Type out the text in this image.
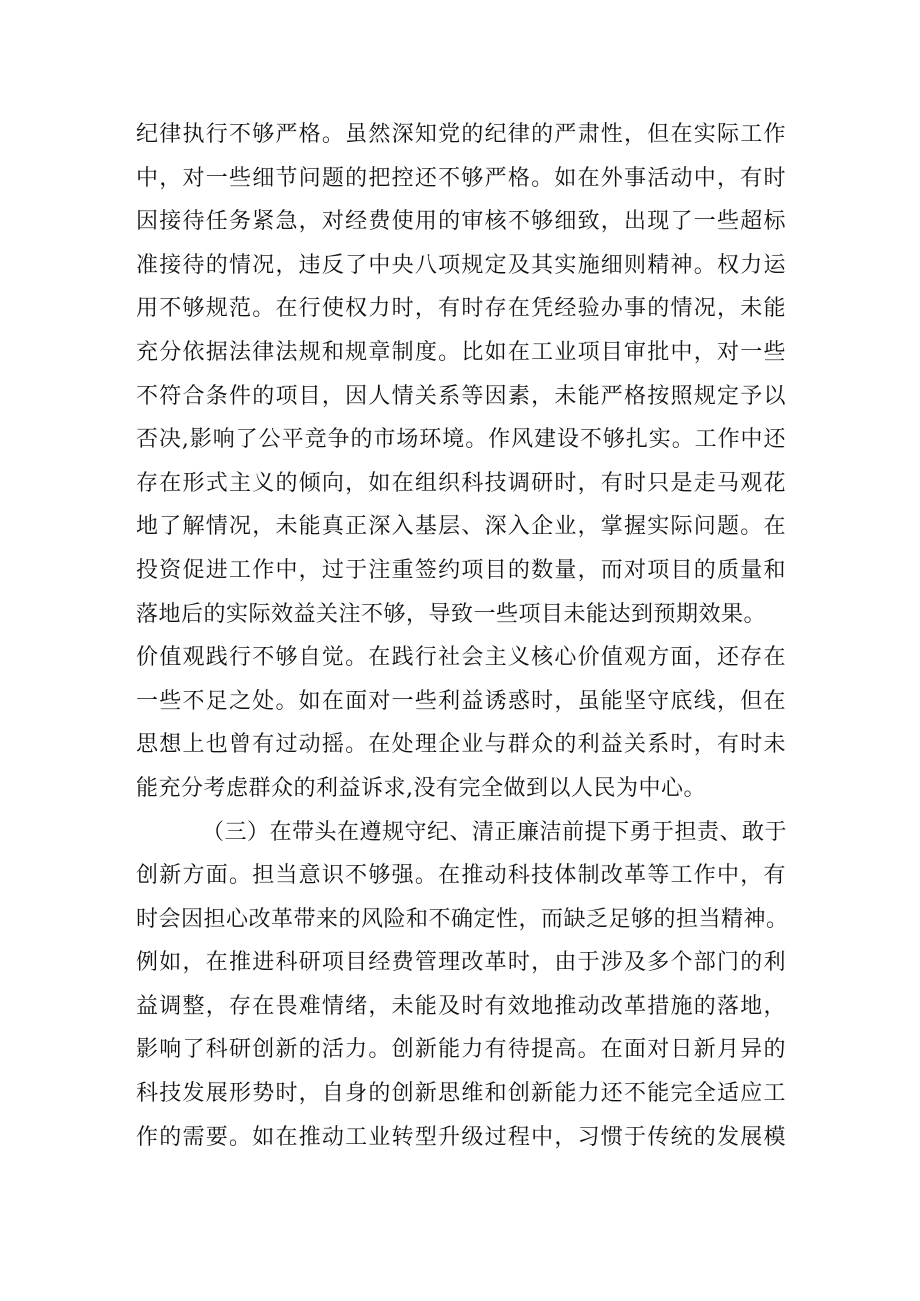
纪律执行不够严格。虽然深知党的纪律的严肃性，但在实际工作
中，对一些细节问题的把控还不够严格。如在外事活动中，有时
因接待任务紧急，对经费使用的审核不够细致，出现了一些超标
准接待的情况，违反了中央八项规定及其实施细则精神。权力运
用不够规范。在行使权力时，有时存在凭经验办事的情况，未能
充分依据法律法规和规章制度。比如在工业项目审批中，对一些
不符合条件的项目，因人情关系等因素，未能严格按照规定予以
否决,影响了公平竞争的市场环境。作风建设不够扎实。工作中还
存在形式主义的倾向，如在组织科技调研时，有时只是走马观花
地了解情况，未能真正深入基层、深入企业，掌握实际问题。在
投资促进工作中，过于注重签约项目的数量，而对项目的质量和
落地后的实际效益关注不够，导致一些项目未能达到预期效果。
价值观践行不够自觉。在践行社会主义核心价值观方面，还存在
一些不足之处。如在面对一些利益诱惑时，虽能坚守底线，但在
思想上也曾有过动摇。在处理企业与群众的利益关系时，有时未
能充分考虑群众的利益诉求,没有完全做到以人民为中心。
（三）在带头在遵规守纪、清正廉洁前提下勇于担责、敢于
创新方面。担当意识不够强。在推动科技体制改革等工作中，有
时会因担心改革带来的风险和不确定性，而缺乏足够的担当精神。
例如，在推进科研项目经费管理改革时，由于涉及多个部门的利
益调整，存在畏难情绪，未能及时有效地推动改革措施的落地，
影响了科研创新的活力。创新能力有待提高。在面对日新月异的
科技发展形势时，自身的创新思维和创新能力还不能完全适应工
作的需要。如在推动工业转型升级过程中，习惯于传统的发展模
